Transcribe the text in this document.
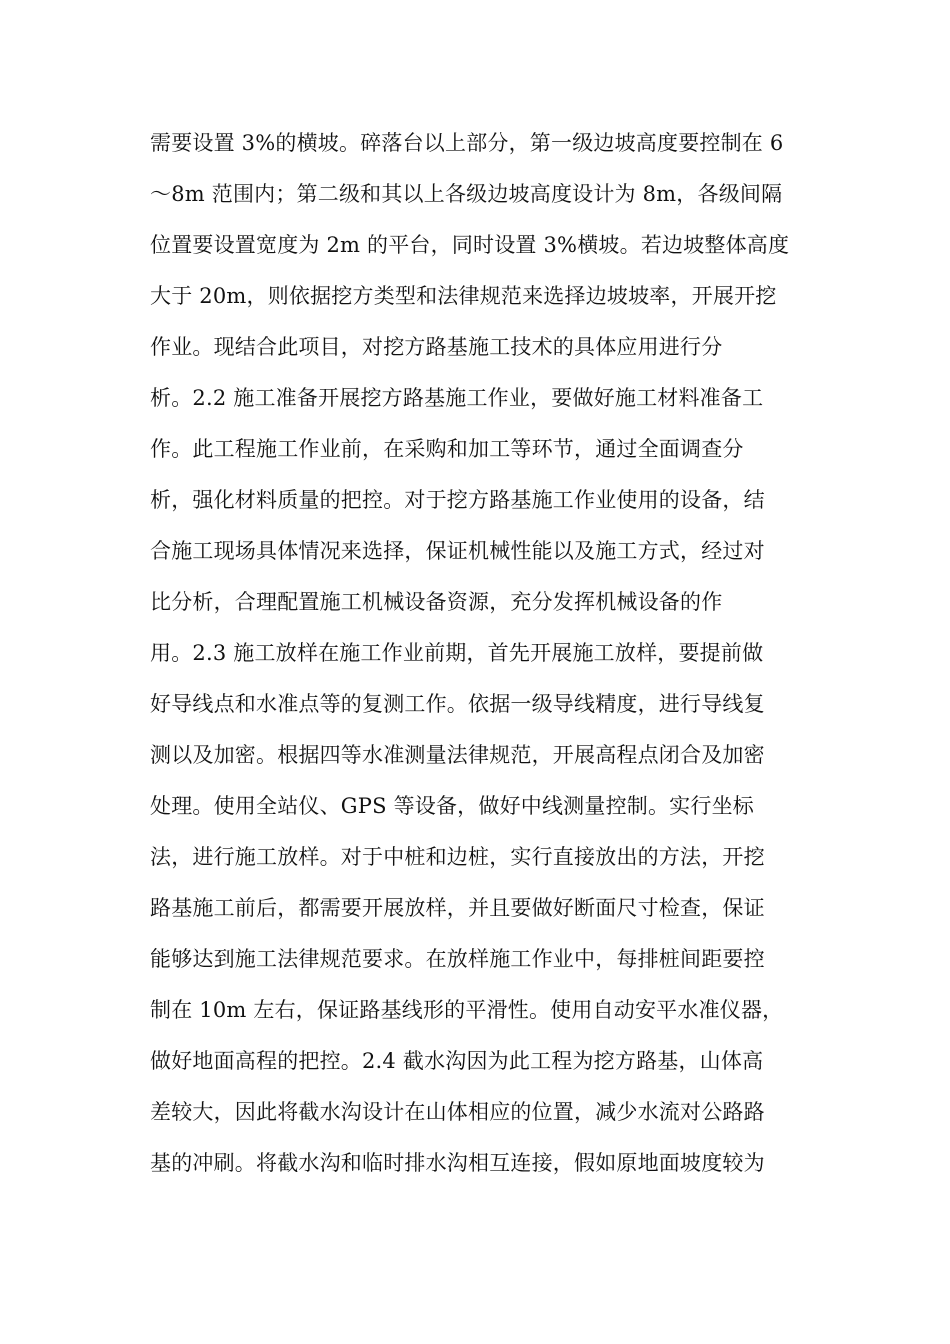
需要设置 3%的横坡。碎落台以上部分，第一级边坡高度要控制在 6
～8m 范围内；第二级和其以上各级边坡高度设计为 8m，各级间隔
位置要设置宽度为 2m 的平台，同时设置 3%横坡。若边坡整体高度
大于 20m，则依据挖方类型和法律规范来选择边坡坡率，开展开挖
作业。现结合此项目，对挖方路基施工技术的具体应用进行分
析。2.2 施工准备开展挖方路基施工作业，要做好施工材料准备工
作。此工程施工作业前，在采购和加工等环节，通过全面调查分
析，强化材料质量的把控。对于挖方路基施工作业使用的设备，结
合施工现场具体情况来选择，保证机械性能以及施工方式，经过对
比分析，合理配置施工机械设备资源，充分发挥机械设备的作
用。2.3 施工放样在施工作业前期，首先开展施工放样，要提前做
好导线点和水准点等的复测工作。依据一级导线精度，进行导线复
测以及加密。根据四等水准测量法律规范，开展高程点闭合及加密
处理。使用全站仪、GPS 等设备，做好中线测量控制。实行坐标
法，进行施工放样。对于中桩和边桩，实行直接放出的方法，开挖
路基施工前后，都需要开展放样，并且要做好断面尺寸检查，保证
能够达到施工法律规范要求。在放样施工作业中，每排桩间距要控
制在 10m 左右，保证路基线形的平滑性。使用自动安平水准仪器，
做好地面高程的把控。2.4 截水沟因为此工程为挖方路基，山体高
差较大，因此将截水沟设计在山体相应的位置，减少水流对公路路
基的冲刷。将截水沟和临时排水沟相互连接，假如原地面坡度较为
